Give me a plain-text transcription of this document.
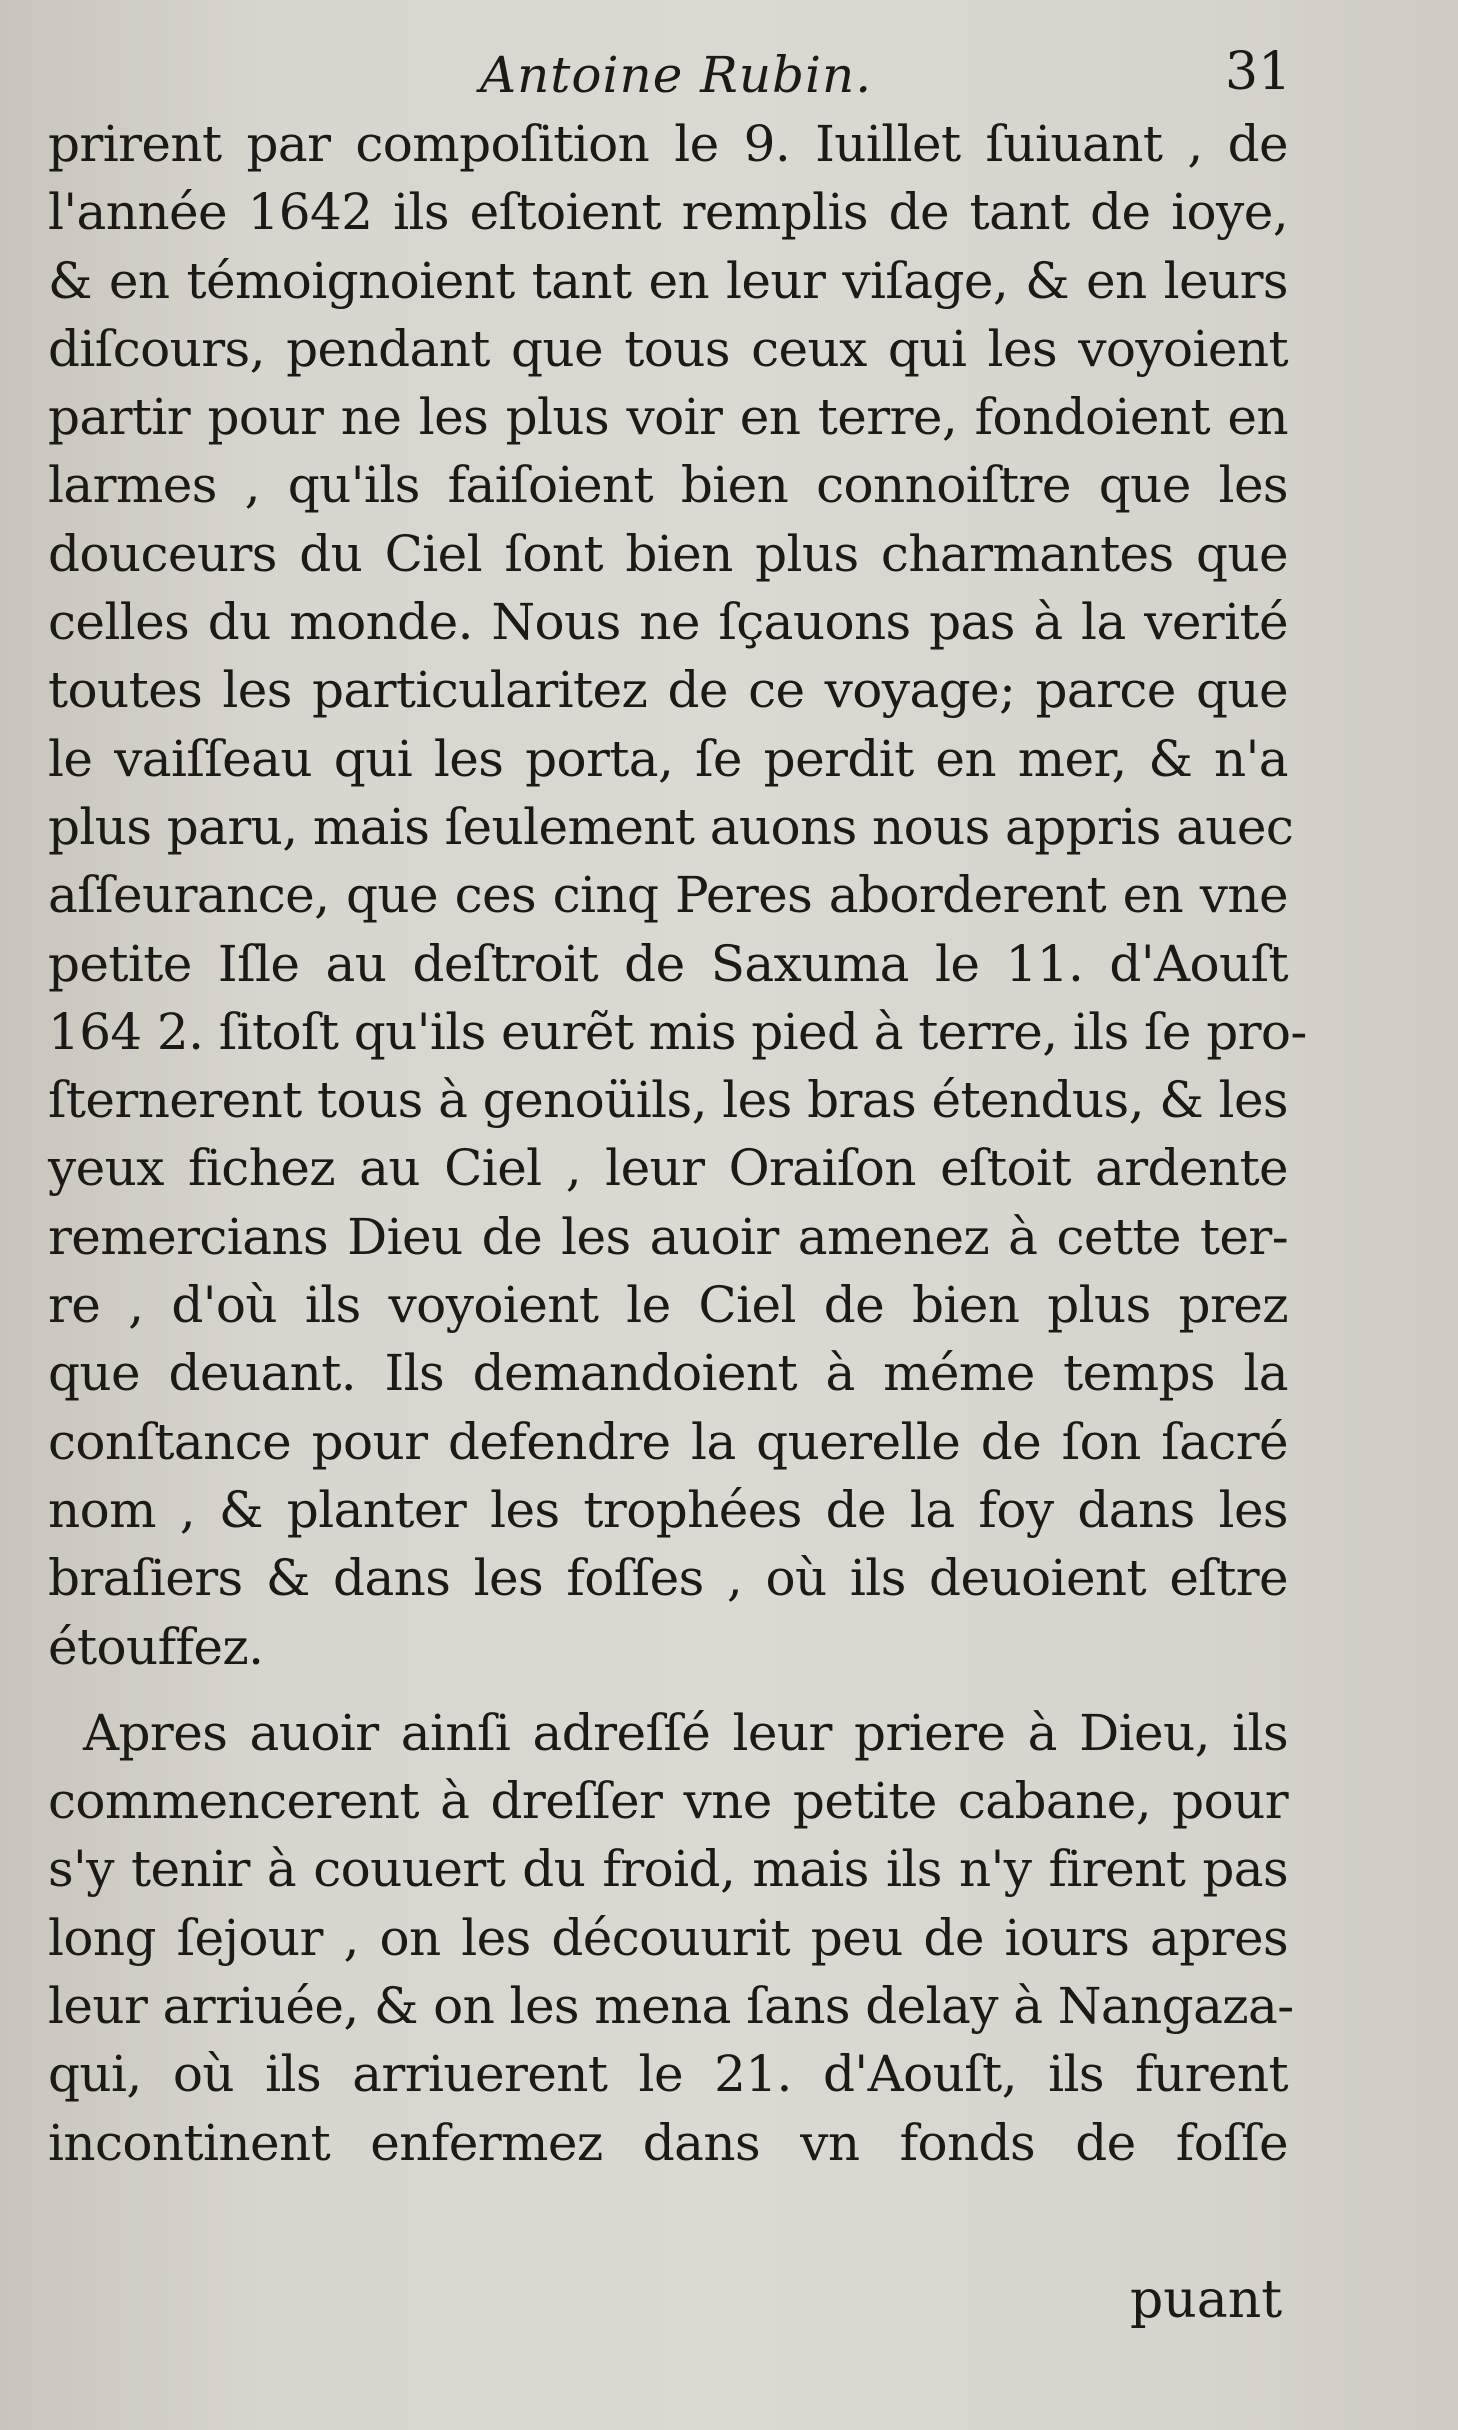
Antoine Rubin.	31
prirent par compoſition le 9. Iuillet ſuiuant , de
l'année 1642 ils eſtoient remplis de tant de ioye,
& en témoignoient tant en leur viſage, & en leurs
diſcours, pendant que tous ceux qui les voyoient
partir pour ne les plus voir en terre, fondoient en
larmes , qu'ils faiſoient bien connoiſtre que les
douceurs du Ciel ſont bien plus charmantes que
celles du monde. Nous ne ſçauons pas à la verité
toutes les particularitez de ce voyage; parce que
le vaiſſeau qui les porta, ſe perdit en mer, & n'a
plus paru, mais ſeulement auons nous appris auec
aſſeurance, que ces cinq Peres aborderent en vne
petite Iſle au deſtroit de Saxuma le 11. d'Aouſt
164 2. ſitoſt qu'ils eurẽt mis pied à terre, ils ſe pro-
ſternerent tous à genoüils, les bras étendus, & les
yeux fichez au Ciel , leur Oraiſon eſtoit ardente
remercians Dieu de les auoir amenez à cette ter-
re , d'où ils voyoient le Ciel de bien plus prez
que deuant. Ils demandoient à méme temps la
conſtance pour defendre la querelle de ſon ſacré
nom , & planter les trophées de la foy dans les
braſiers & dans les foſſes , où ils deuoient eſtre
étouffez.
Apres auoir ainſi adreſſé leur priere à Dieu, ils
commencerent à dreſſer vne petite cabane, pour
s'y tenir à couuert du froid, mais ils n'y firent pas
long ſejour , on les découurit peu de iours apres
leur arriuée, & on les mena ſans delay à Nangaza-
qui, où ils arriuerent le 21. d'Aouſt, ils furent
incontinent enfermez dans vn fonds de foſſe
puant
